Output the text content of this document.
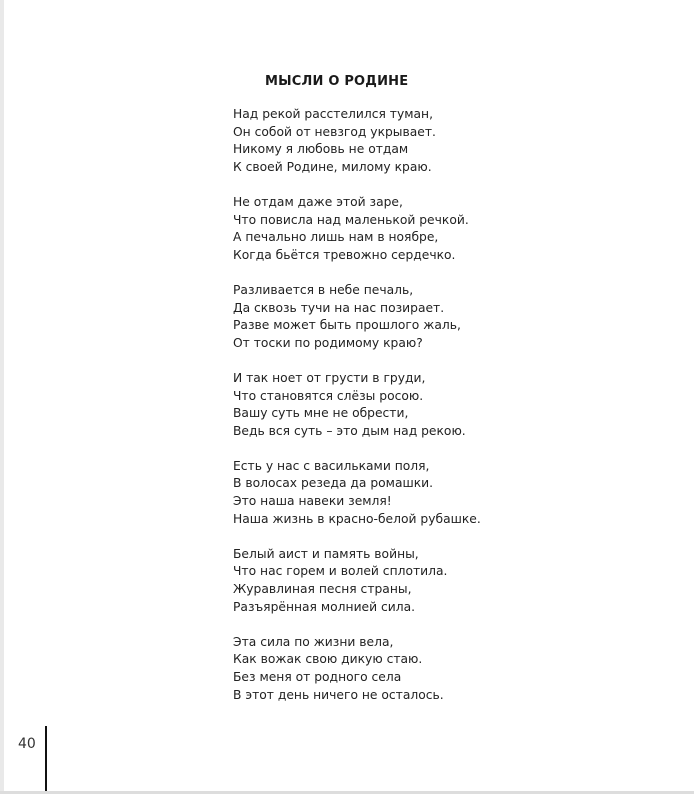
МЫСЛИ О РОДИНЕ
Над рекой расстелился туман,
Он собой от невзгод укрывает.
Никому я любовь не отдам
К своей Родине, милому краю.
Не отдам даже этой заре,
Что повисла над маленькой речкой.
А печально лишь нам в ноябре,
Когда бьётся тревожно сердечко.
Разливается в небе печаль,
Да сквозь тучи на нас позирает.
Разве может быть прошлого жаль,
От тоски по родимому краю?
И так ноет от грусти в груди,
Что становятся слёзы росою.
Вашу суть мне не обрести,
Ведь вся суть – это дым над рекою.
Есть у нас с васильками поля,
В волосах резеда да ромашки.
Это наша навеки земля!
Наша жизнь в красно-белой рубашке.
Белый аист и память войны,
Что нас горем и волей сплотила.
Журавлиная песня страны,
Разъярённая молнией сила.
Эта сила по жизни вела,
Как вожак свою дикую стаю.
Без меня от родного села
В этот день ничего не осталось.
40
